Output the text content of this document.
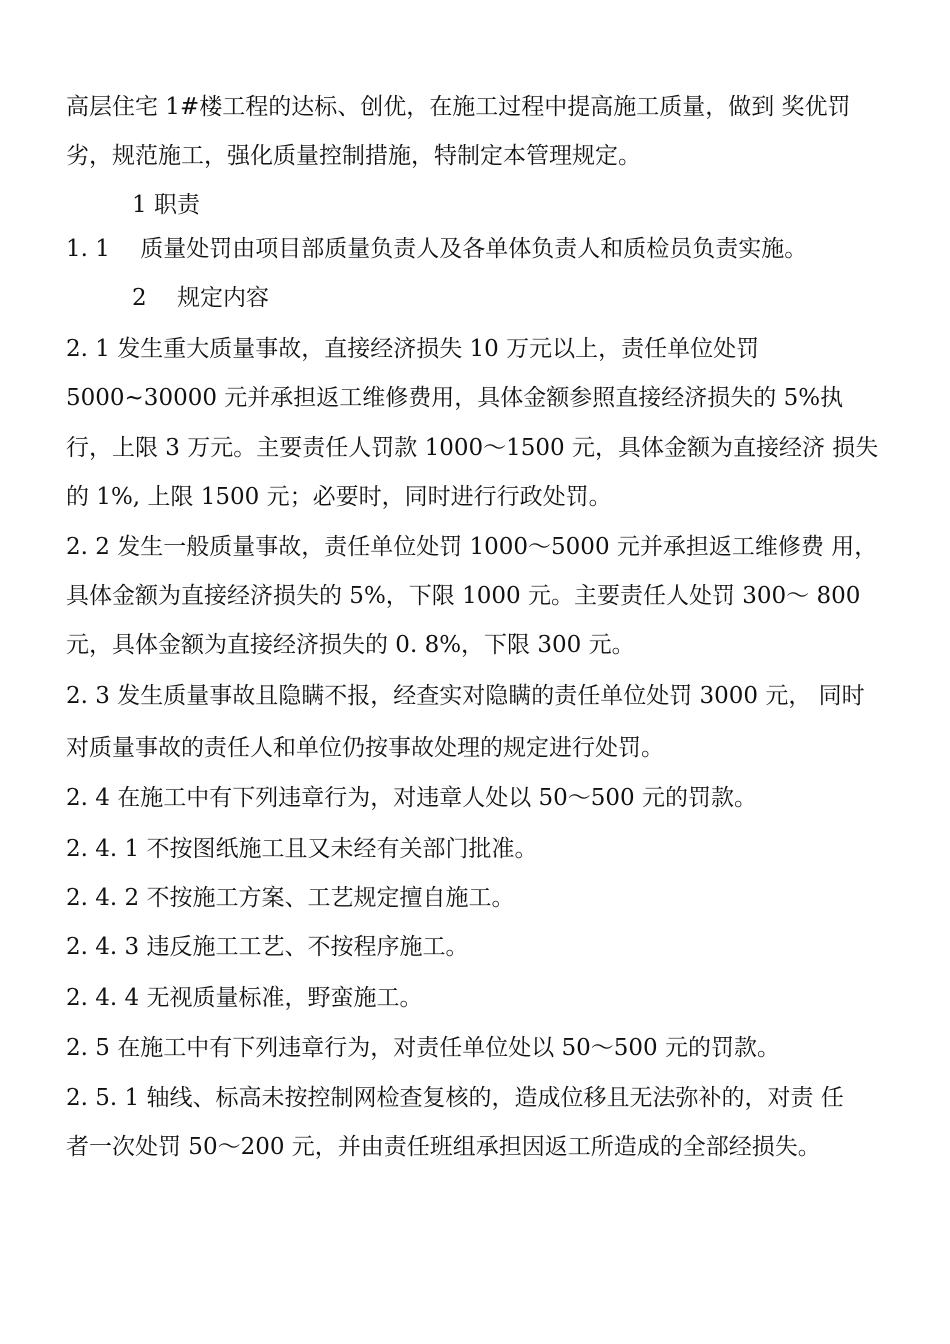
高层住宅 1#楼工程的达标、创优，在施工过程中提高施工质量，做到 奖优罚
劣，规范施工，强化质量控制措施，特制定本管理规定。
1 职责
1. 1　 质量处罚由项目部质量负责人及各单体负责人和质检员负责实施。
2　 规定内容
2. 1 发生重大质量事故，直接经济损失 10 万元以上，责任单位处罚
5000~30000 元并承担返工维修费用，具体金额参照直接经济损失的 5%执
行，上限 3 万元。主要责任人罚款 1000〜1500 元，具体金额为直接经济 损失
的 1%, 上限 1500 元；必要时，同时进行行政处罚。
2. 2 发生一般质量事故，责任单位处罚 1000〜5000 元并承担返工维修费 用，
具体金额为直接经济损失的 5%，下限 1000 元。主要责任人处罚 300〜 800
元，具体金额为直接经济损失的 0. 8%，下限 300 元。
2. 3 发生质量事故且隐瞒不报，经查实对隐瞒的责任单位处罚 3000 元， 同时
对质量事故的责任人和单位仍按事故处理的规定进行处罚。
2. 4 在施工中有下列违章行为，对违章人处以 50〜500 元的罚款。
2. 4. 1 不按图纸施工且又未经有关部门批准。
2. 4. 2 不按施工方案、工艺规定擅自施工。
2. 4. 3 违反施工工艺、不按程序施工。
2. 4. 4 无视质量标准，野蛮施工。
2. 5 在施工中有下列违章行为，对责任单位处以 50〜500 元的罚款。
2. 5. 1 轴线、标高未按控制网检查复核的，造成位移且无法弥补的，对责 任
者一次处罚 50〜200 元，并由责任班组承担因返工所造成的全部经损失。
